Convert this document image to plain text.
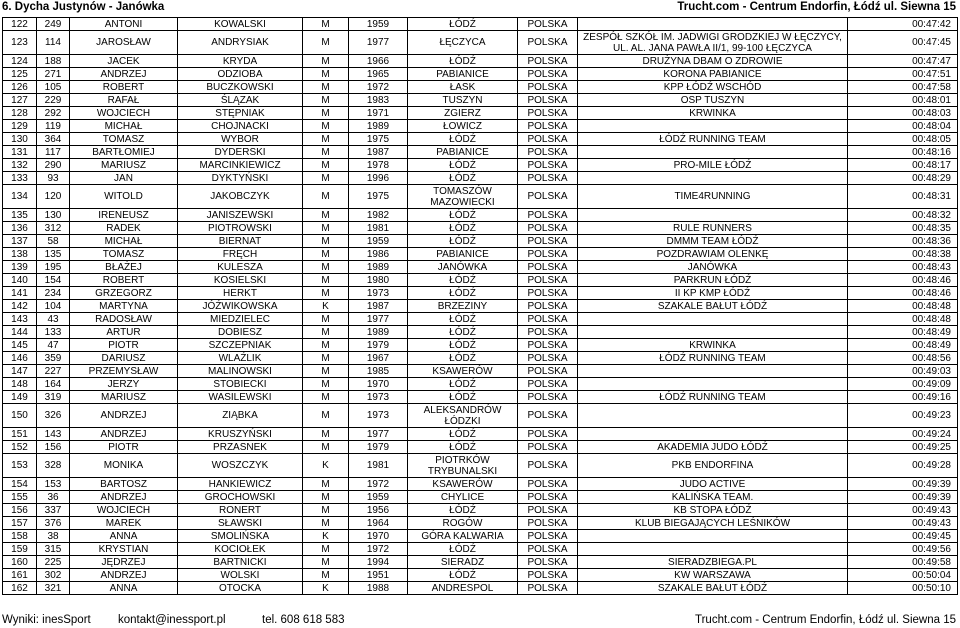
6. Dycha Justynów - Janówka	Trucht.com - Centrum Endorfin, Łódź ul. Siewna 15
122	249	ANTONI	KOWALSKI	M	1959	ŁÓDŹ	POLSKA		00:47:42
123	114	JAROSŁAW	ANDRYSIAK	M	1977	ŁĘCZYCA	POLSKA	ZESPÓŁ SZKÓŁ IM. JADWIGI GRODZKIEJ W ŁĘCZYCY, UL. AL. JANA PAWŁA II/1, 99-100 ŁĘCZYCA	00:47:45
124	188	JACEK	KRYDA	M	1966	ŁÓDŹ	POLSKA	DRUŻYNA DBAM O ZDROWIE	00:47:47
125	271	ANDRZEJ	ODZIOBA	M	1965	PABIANICE	POLSKA	KORONA PABIANICE	00:47:51
126	105	ROBERT	BUCZKOWSKI	M	1972	ŁASK	POLSKA	KPP ŁÓDŹ WSCHÓD	00:47:58
127	229	RAFAŁ	ŚLĄZAK	M	1983	TUSZYN	POLSKA	OSP TUSZYN	00:48:01
128	292	WOJCIECH	STĘPNIAK	M	1971	ZGIERZ	POLSKA	KRWINKA	00:48:03
129	119	MICHAŁ	CHOJNACKI	M	1989	ŁOWICZ	POLSKA		00:48:04
130	364	TOMASZ	WYBOR	M	1975	ŁÓDŹ	POLSKA	ŁÓDŹ RUNNING TEAM	00:48:05
131	117	BARTŁOMIEJ	DYDERSKI	M	1987	PABIANICE	POLSKA		00:48:16
132	290	MARIUSZ	MARCINKIEWICZ	M	1978	ŁÓDŹ	POLSKA	PRO-MILE ŁÓDŹ	00:48:17
133	93	JAN	DYKTYŃSKI	M	1996	ŁÓDŹ	POLSKA		00:48:29
134	120	WITOLD	JAKOBCZYK	M	1975	TOMASZÓW MAZOWIECKI	POLSKA	TIME4RUNNING	00:48:31
135	130	IRENEUSZ	JANISZEWSKI	M	1982	ŁÓDŹ	POLSKA		00:48:32
136	312	RADEK	PIOTROWSKI	M	1981	ŁÓDŹ	POLSKA	RULE RUNNERS	00:48:35
137	58	MICHAŁ	BIERNAT	M	1959	ŁÓDŹ	POLSKA	DMMM TEAM ŁÓDŹ	00:48:36
138	135	TOMASZ	FRĘCH	M	1986	PABIANICE	POLSKA	POZDRAWIAM OLENKĘ	00:48:38
139	195	BŁAŻEJ	KULESZA	M	1989	JANÓWKA	POLSKA	JANÓWKA	00:48:43
140	154	ROBERT	KOSIELSKI	M	1980	ŁÓDŹ	POLSKA	PARKRUN ŁÓDŹ	00:48:46
141	234	GRZEGORZ	HERKT	M	1973	ŁÓDŹ	POLSKA	II KP KMP ŁÓDŹ	00:48:46
142	104	MARTYNA	JÓŹWIKOWSKA	K	1987	BRZEZINY	POLSKA	SZAKALE BAŁUT ŁÓDŹ	00:48:48
143	43	RADOSŁAW	MIEDZIELEC	M	1977	ŁÓDŹ	POLSKA		00:48:48
144	133	ARTUR	DOBIESZ	M	1989	ŁÓDŹ	POLSKA		00:48:49
145	47	PIOTR	SZCZEPNIAK	M	1979	ŁÓDŹ	POLSKA	KRWINKA	00:48:49
146	359	DARIUSZ	WLAŹLIK	M	1967	ŁÓDŹ	POLSKA	ŁÓDŹ RUNNING TEAM	00:48:56
147	227	PRZEMYSŁAW	MALINOWSKI	M	1985	KSAWERÓW	POLSKA		00:49:03
148	164	JERZY	STOBIECKI	M	1970	ŁÓDŹ	POLSKA		00:49:09
149	319	MARIUSZ	WASILEWSKI	M	1973	ŁÓDŹ	POLSKA	ŁÓDŹ RUNNING TEAM	00:49:16
150	326	ANDRZEJ	ZIĄBKA	M	1973	ALEKSANDRÓW ŁÓDZKI	POLSKA		00:49:23
151	143	ANDRZEJ	KRUSZYŃSKI	M	1977	ŁÓDŹ	POLSKA		00:49:24
152	156	PIOTR	PRZASNEK	M	1979	ŁÓDŹ	POLSKA	AKADEMIA JUDO ŁÓDŹ	00:49:25
153	328	MONIKA	WOSZCZYK	K	1981	PIOTRKÓW TRYBUNALSKI	POLSKA	PKB ENDORFINA	00:49:28
154	153	BARTOSZ	HANKIEWICZ	M	1972	KSAWERÓW	POLSKA	JUDO ACTIVE	00:49:39
155	36	ANDRZEJ	GROCHOWSKI	M	1959	CHYLICE	POLSKA	KALIŃSKA TEAM.	00:49:39
156	337	WOJCIECH	RONERT	M	1956	ŁÓDŹ	POLSKA	KB STOPA ŁÓDŹ	00:49:43
157	376	MAREK	SŁAWSKI	M	1964	ROGÓW	POLSKA	KLUB BIEGAJĄCYCH LEŚNIKÓW	00:49:43
158	38	ANNA	SMOLIŃSKA	K	1970	GÓRA KALWARIA	POLSKA		00:49:45
159	315	KRYSTIAN	KOCIOŁEK	M	1972	ŁÓDŹ	POLSKA		00:49:56
160	225	JĘDRZEJ	BARTNICKI	M	1994	SIERADZ	POLSKA	SIERADZBIEGA.PL	00:49:58
161	302	ANDRZEJ	WOLSKI	M	1951	ŁÓDŹ	POLSKA	KW WARSZAWA	00:50:04
162	321	ANNA	OTOCKA	K	1988	ANDRESPOL	POLSKA	SZAKALE BAŁUT ŁÓDŹ	00:50:10
Wyniki: inesSport kontakt@inessport.pl	tel. 608 618 583	Trucht.com - Centrum Endorfin, Łódź ul. Siewna 15
